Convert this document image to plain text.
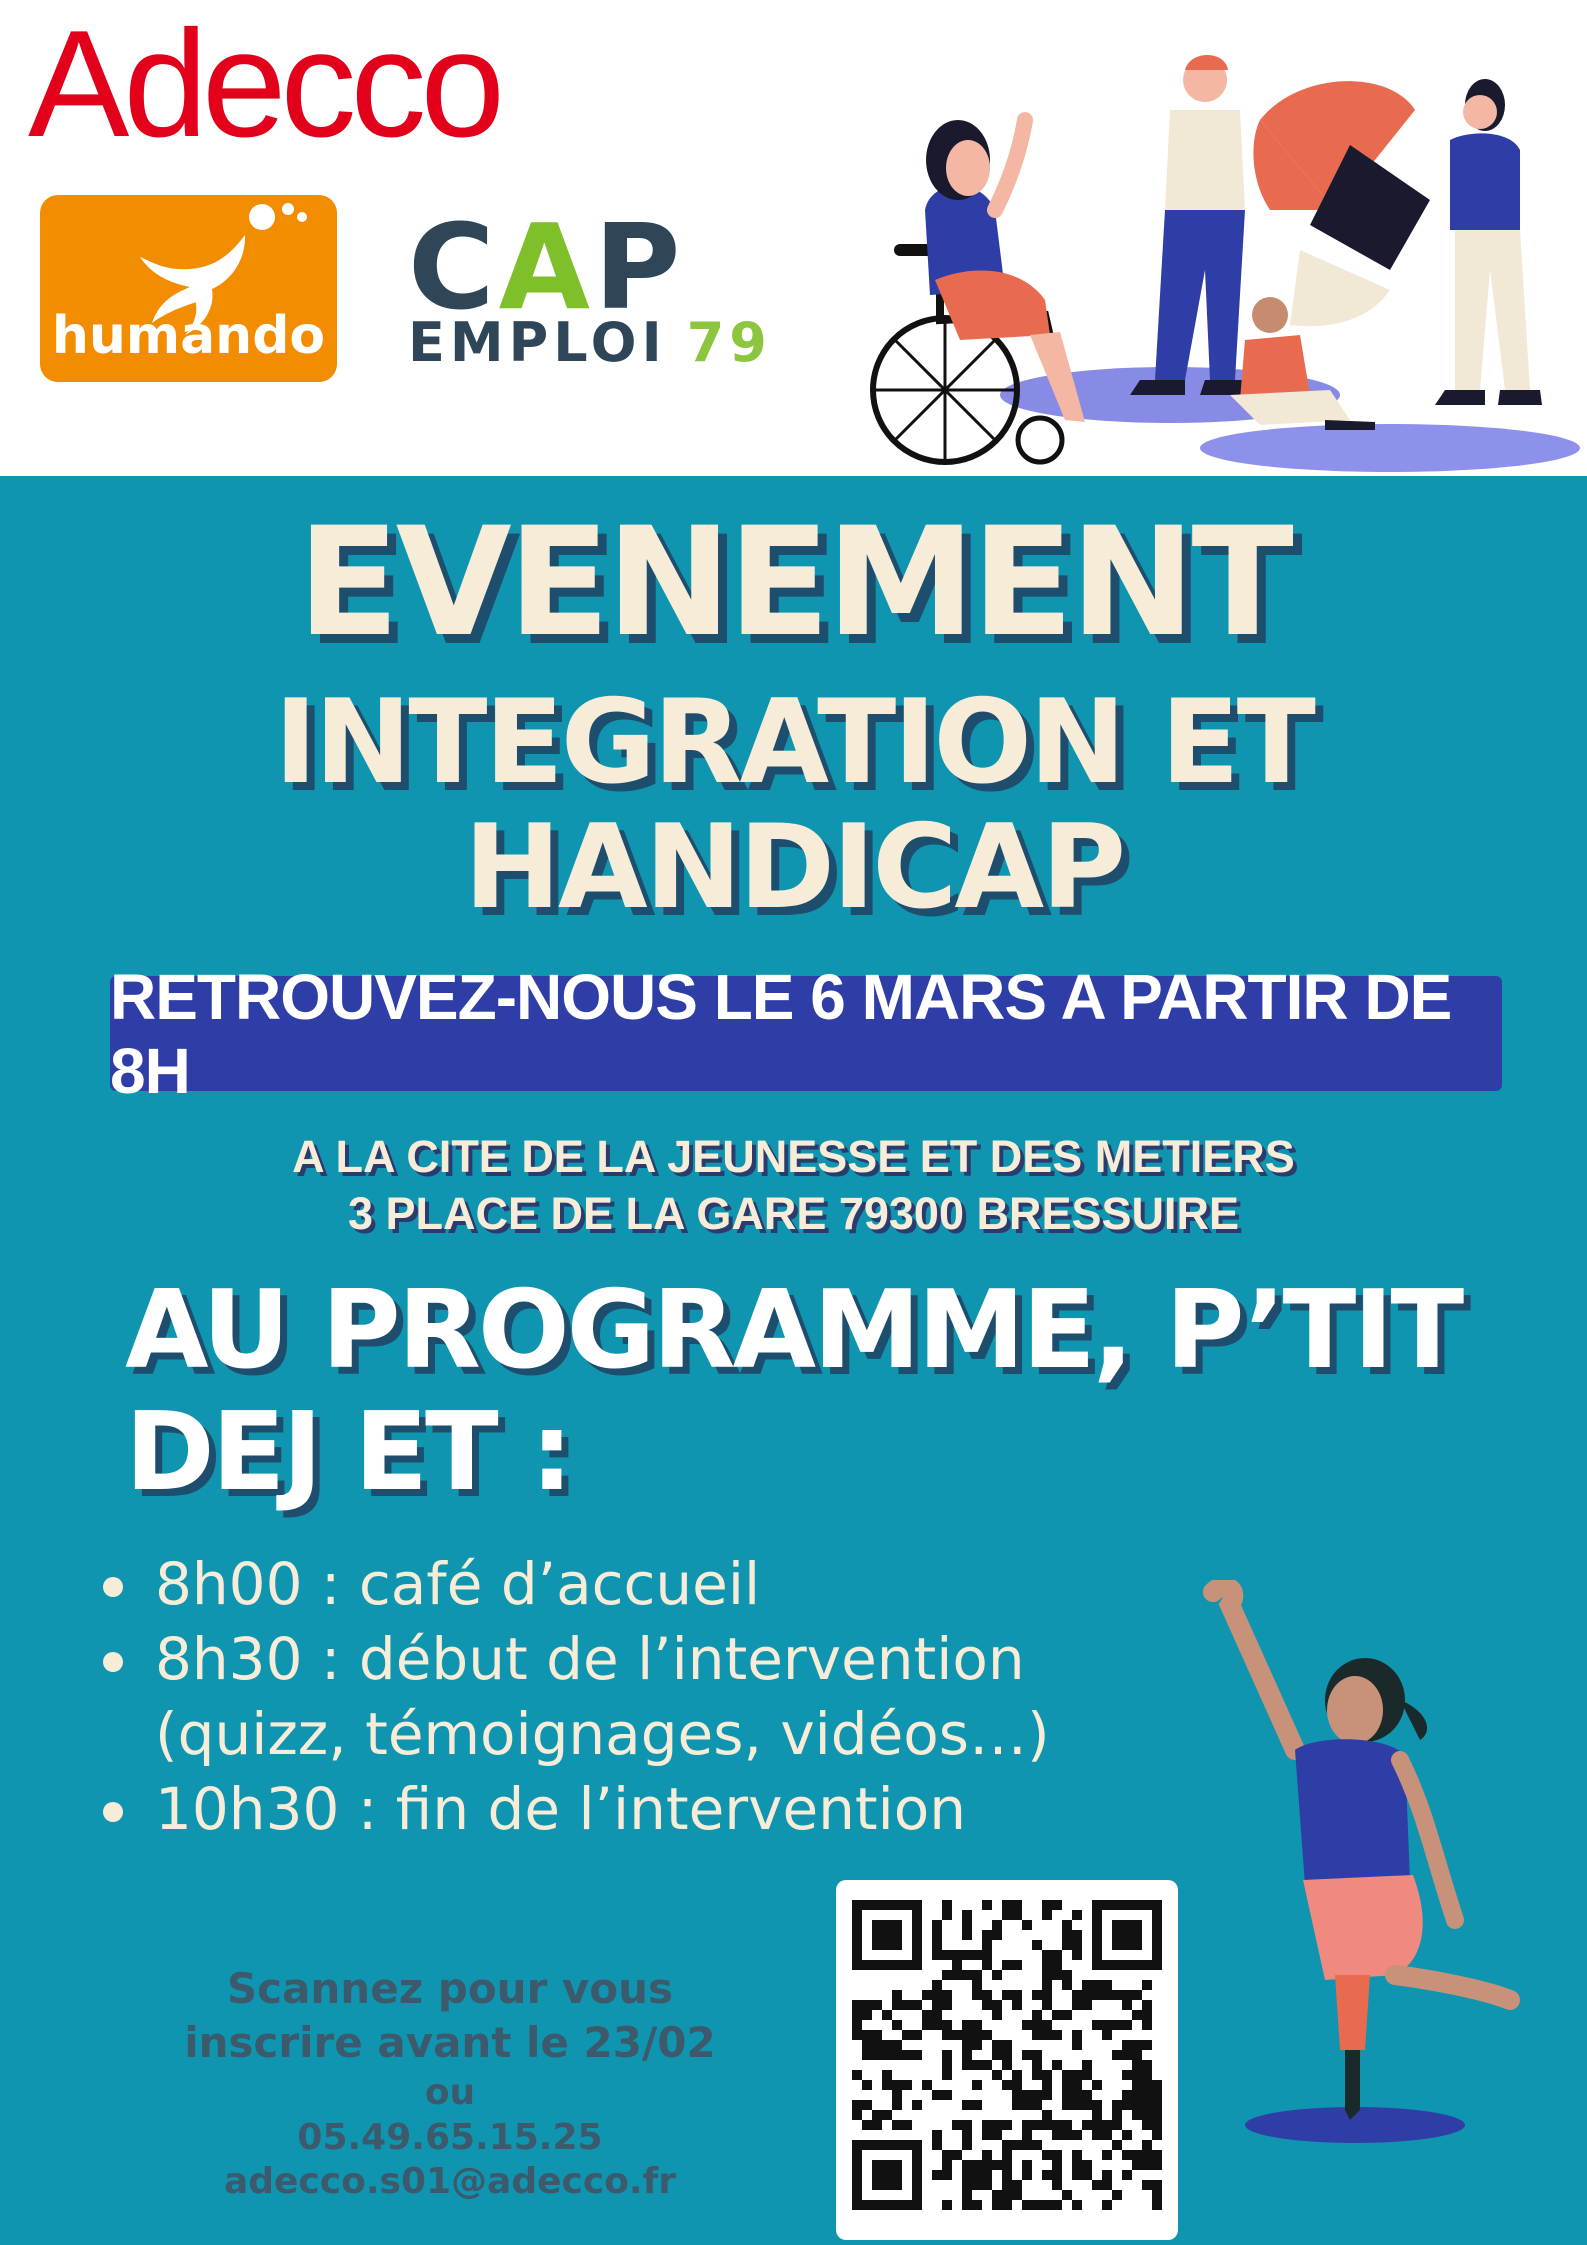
Adecco
humando CAP
EMPLOI 79
EVENEMENT
INTEGRATION ET
HANDICAP
RETROUVEZ-NOUS LE 6 MARS A PARTIR DE 8H
A LA CITE DE LA JEUNESSE ET DES METIERS
3 PLACE DE LA GARE 79300 BRESSUIRE
AU PROGRAMME, P’TIT
DEJ ET :
8h00 : café d’accueil
8h30 : début de l’intervention
(quizz, témoignages, vidéos…)
10h30 : fin de l’intervention
Scannez pour vous
inscrire avant le 23/02
ou
05.49.65.15.25
adecco.s01@adecco.fr
